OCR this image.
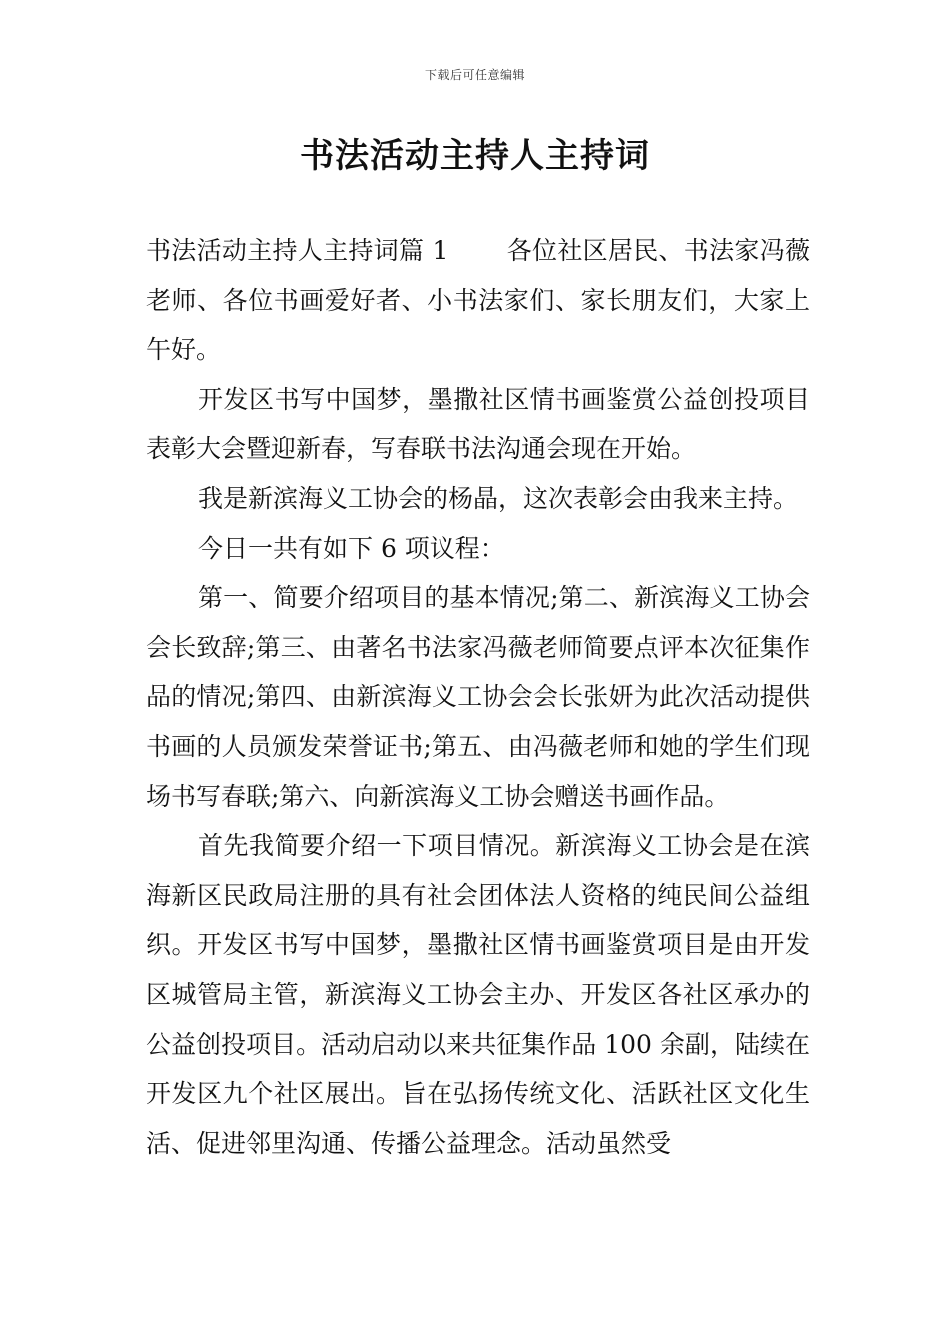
下载后可任意编辑
书法活动主持人主持词

书法活动主持人主持词篇 1 各位社区居民、书法家冯薇老师、各位书画爱好者、小书法家们、家长朋友们，大家上午好。

开发区书写中国梦，墨撒社区情书画鉴赏公益创投项目表彰大会暨迎新春，写春联书法沟通会现在开始。

我是新滨海义工协会的杨晶，这次表彰会由我来主持。

今日一共有如下 6 项议程：

第一、简要介绍项目的基本情况;第二、新滨海义工协会会长致辞;第三、由著名书法家冯薇老师简要点评本次征集作品的情况;第四、由新滨海义工协会会长张妍为此次活动提供书画的人员颁发荣誉证书;第五、由冯薇老师和她的学生们现场书写春联;第六、向新滨海义工协会赠送书画作品。

首先我简要介绍一下项目情况。新滨海义工协会是在滨海新区民政局注册的具有社会团体法人资格的纯民间公益组织。开发区书写中国梦，墨撒社区情书画鉴赏项目是由开发区城管局主管，新滨海义工协会主办、开发区各社区承办的公益创投项目。活动启动以来共征集作品 100 余副，陆续在开发区九个社区展出。旨在弘扬传统文化、活跃社区文化生活、促进邻里沟通、传播公益理念。活动虽然受
